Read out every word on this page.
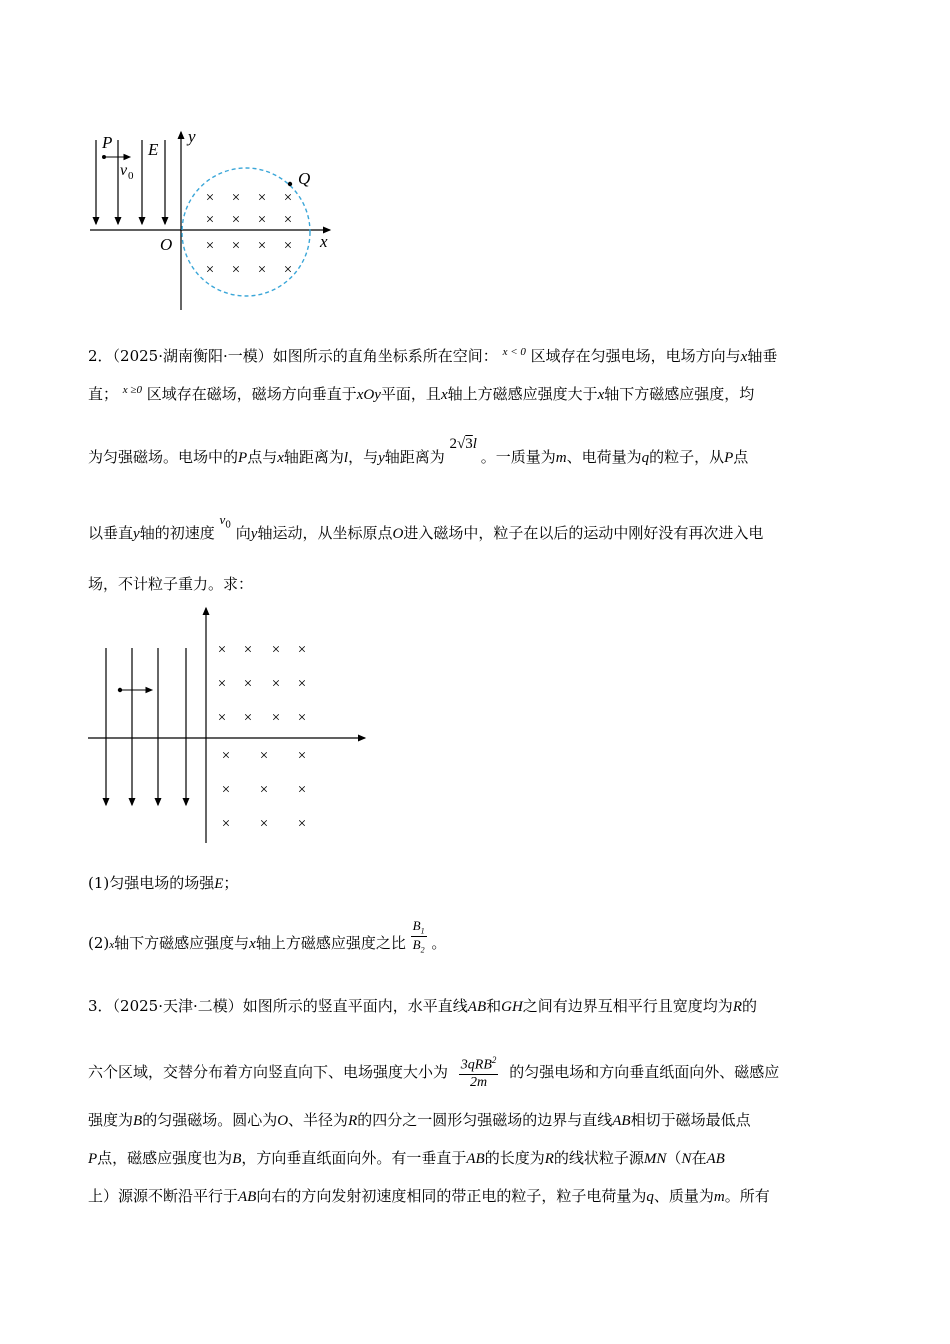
P
v 0
E
y
Q
O	x
× × × ×
× × × ×
× × × ×
× × × ×
2．（2025·湖南衡阳·一模）如图所示的直角坐标系所在空间： $^{x < 0}$ 区域存在匀强电场，电场方向与x轴垂
直； $^{x \ge 0}$ 区域存在磁场，磁场方向垂直于xOy平面，且x轴上方磁感应强度大于x轴下方磁感应强度，均
为匀强磁场。电场中的P点与x轴距离为l，与y轴距离为 2√3l 。一质量为m、电荷量为q的粒子，从P点
以垂直y轴的初速度 $v_0$ 向y轴运动，从坐标原点O进入磁场中，粒子在以后的运动中刚好没有再次进入电
场，不计粒子重力。求：
× × × ×
× × × ×
× × × ×
× × ×
× × ×
× × ×
(1)匀强电场的场强E；
(2)x轴下方磁感应强度与x轴上方磁感应强度之比 $\frac{B_1}{B_2}$ 。
3．（2025·天津·二模）如图所示的竖直平面内，水平直线AB和GH之间有边界互相平行且宽度均为R的
六个区域，交替分布着方向竖直向下、电场强度大小为 $\frac{3qRB^2}{2m}$ 的匀强电场和方向垂直纸面向外、磁感应
强度为B的匀强磁场。圆心为O、半径为R的四分之一圆形匀强磁场的边界与直线AB相切于磁场最低点
P点，磁感应强度也为B，方向垂直纸面向外。有一垂直于AB的长度为R的线状粒子源MN（N在AB
上）源源不断沿平行于AB向右的方向发射初速度相同的带正电的粒子，粒子电荷量为q、质量为m。所有
